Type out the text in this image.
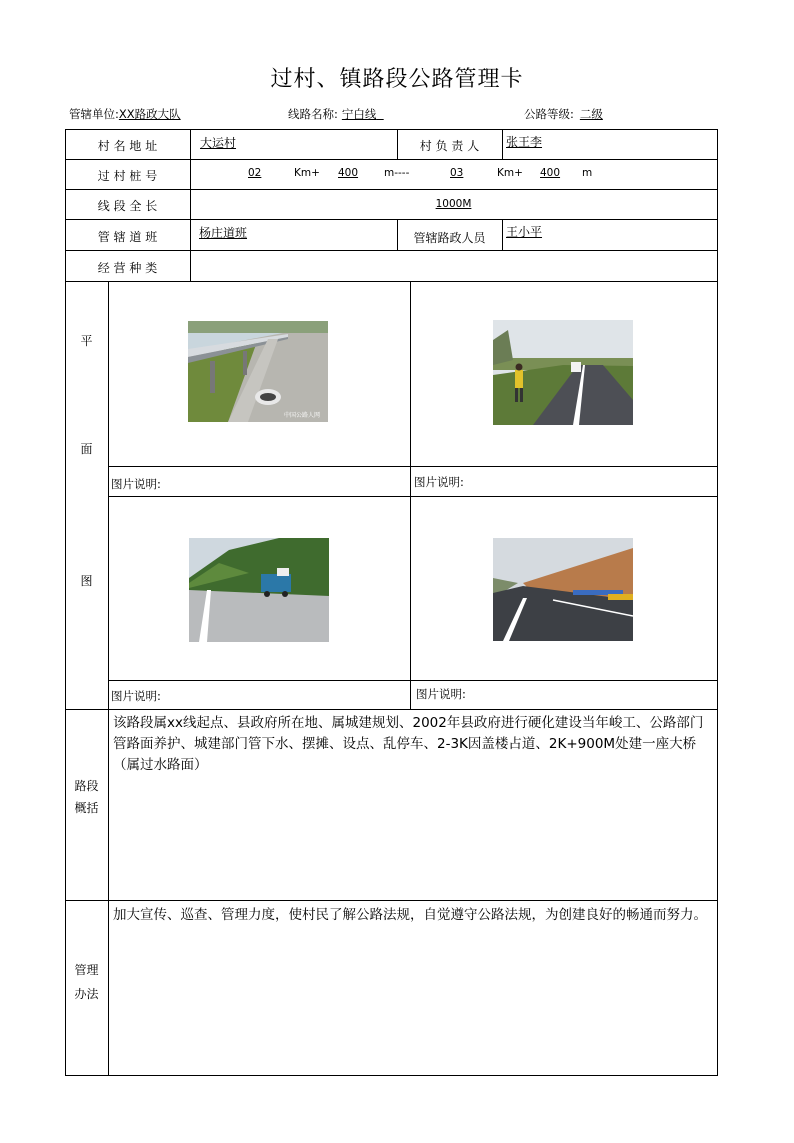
过村、镇路段公路管理卡
管辖单位:XX路政大队	线路名称: 宁白线	公路等级: 二级
村 名 地 址	大运村	村 负 责 人	张王李
过 村 桩 号	02	Km+ 400 m----	03	Km+ 400 m
线 段 全 长	1000M
管 辖 道 班	杨庄道班	管辖路政人员	王小平
经 营 种 类
平
面
图
中国公路人网
图片说明:	图片说明:
图片说明:	图片说明:
路段
概括
该路段属xx线起点、县政府所在地、属城建规划、2002年县政府进行硬化建设当年峻工、公路部门管路面养护、城建部门管下水、摆摊、设点、乱停车、2-3K因盖楼占道、2K+900M处建一座大桥（属过水路面）
管理
办法
加大宣传、巡查、管理力度，使村民了解公路法规，自觉遵守公路法规，为创建良好的畅通而努力。
